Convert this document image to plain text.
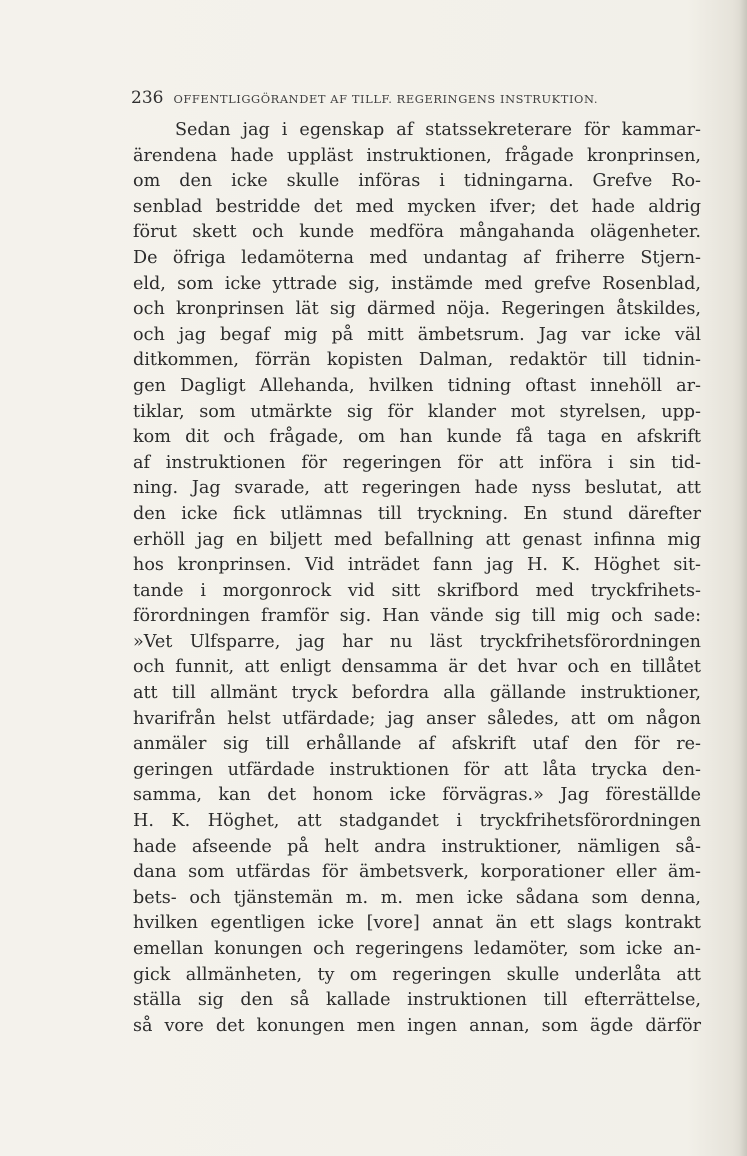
236 OFFENTLIGGÖRANDET AF TILLF. REGERINGENS INSTRUKTION.
Sedan jag i egenskap af statssekreterare för kammar-
ärendena hade uppläst instruktionen, frågade kronprinsen,
om den icke skulle införas i tidningarna. Grefve Ro-
senblad bestridde det med mycken ifver; det hade aldrig
förut skett och kunde medföra mångahanda olägenheter.
De öfriga ledamöterna med undantag af friherre Stjern-
eld, som icke yttrade sig, instämde med grefve Rosenblad,
och kronprinsen lät sig därmed nöja. Regeringen åtskildes,
och jag begaf mig på mitt ämbetsrum. Jag var icke väl
ditkommen, förrän kopisten Dalman, redaktör till tidnin-
gen Dagligt Allehanda, hvilken tidning oftast innehöll ar-
tiklar, som utmärkte sig för klander mot styrelsen, upp-
kom dit och frågade, om han kunde få taga en afskrift
af instruktionen för regeringen för att införa i sin tid-
ning. Jag svarade, att regeringen hade nyss beslutat, att
den icke fick utlämnas till tryckning. En stund därefter
erhöll jag en biljett med befallning att genast infinna mig
hos kronprinsen. Vid inträdet fann jag H. K. Höghet sit-
tande i morgonrock vid sitt skrifbord med tryckfrihets-
förordningen framför sig. Han vände sig till mig och sade:
»Vet Ulfsparre, jag har nu läst tryckfrihetsförordningen
och funnit, att enligt densamma är det hvar och en tillåtet
att till allmänt tryck befordra alla gällande instruktioner,
hvarifrån helst utfärdade; jag anser således, att om någon
anmäler sig till erhållande af afskrift utaf den för re-
geringen utfärdade instruktionen för att låta trycka den-
samma, kan det honom icke förvägras.» Jag föreställde
H. K. Höghet, att stadgandet i tryckfrihetsförordningen
hade afseende på helt andra instruktioner, nämligen så-
dana som utfärdas för ämbetsverk, korporationer eller äm-
bets- och tjänstemän m. m. men icke sådana som denna,
hvilken egentligen icke [vore] annat än ett slags kontrakt
emellan konungen och regeringens ledamöter, som icke an-
gick allmänheten, ty om regeringen skulle underlåta att
ställa sig den så kallade instruktionen till efterrättelse,
så vore det konungen men ingen annan, som ägde därför
